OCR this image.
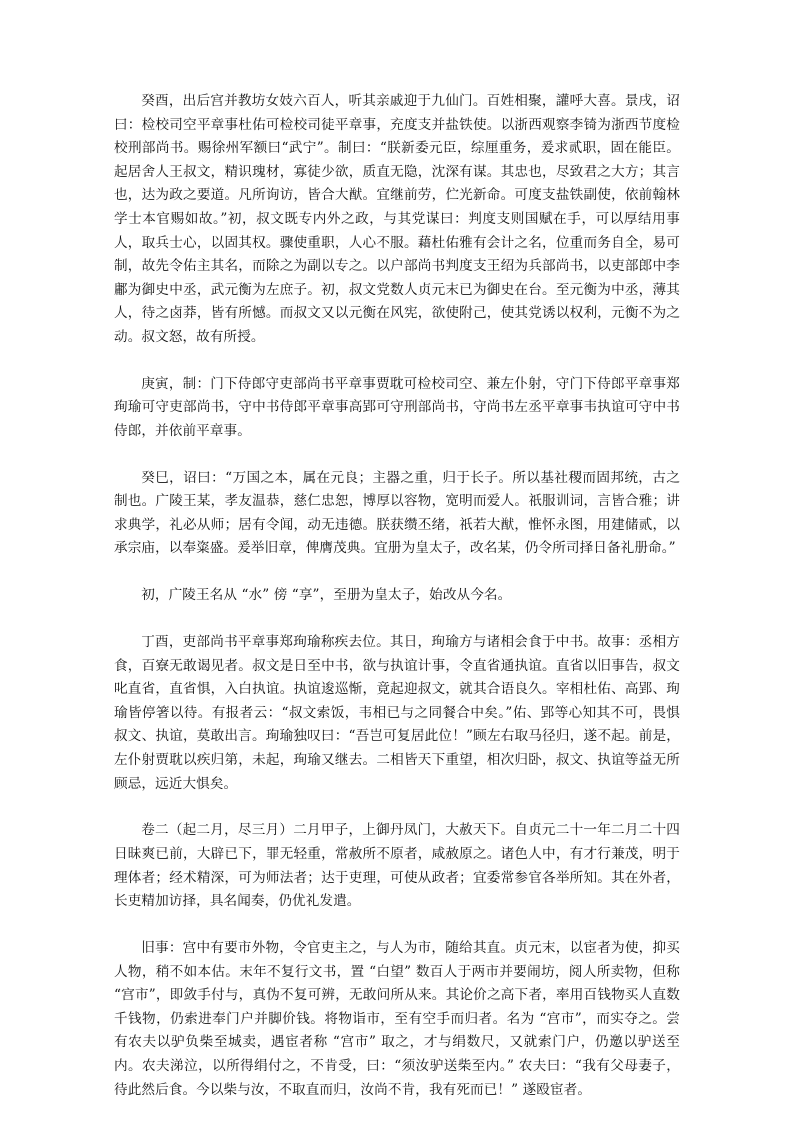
癸酉，出后宫并教坊女妓六百人，听其亲戚迎于九仙门。百姓相聚，讙呼大喜。景戌，诏曰：检校司空平章事杜佑可检校司徒平章事，充度支并盐铁使。以浙西观察李锜为浙西节度检校刑部尚书。赐徐州军额曰“武宁”。制曰：“朕新委元臣，综厘重务，爰求贰职，固在能臣。起居舍人王叔文，精识瑰材，寡徒少欲，质直无隐，沈深有谋。其忠也，尽致君之大方；其言也，达为政之要道。凡所询访，皆合大猷。宜继前劳，伫光新命。可度支盐铁副使，依前翰林学士本官赐如故。”初，叔文既专内外之政，与其党谋曰：判度支则国赋在手，可以厚结用事人，取兵士心，以固其权。骤使重职，人心不服。藉杜佑雅有会计之名，位重而务自全，易可制，故先令佑主其名，而除之为副以专之。以户部尚书判度支王绍为兵部尚书，以吏部郎中李鄘为御史中丞，武元衡为左庶子。初，叔文党数人贞元末已为御史在台。至元衡为中丞，薄其人，待之卤莽，皆有所憾。而叔文又以元衡在风宪，欲使附己，使其党诱以权利，元衡不为之动。叔文怒，故有所授。

庚寅，制：门下侍郎守吏部尚书平章事贾耽可检校司空、兼左仆射，守门下侍郎平章事郑珣瑜可守吏部尚书，守中书侍郎平章事高郢可守刑部尚书，守尚书左丞平章事韦执谊可守中书侍郎，并依前平章事。

癸巳，诏曰：“万国之本，属在元良；主器之重，归于长子。所以基社稷而固邦统，古之制也。广陵王某，孝友温恭，慈仁忠恕，博厚以容物，宽明而爱人。祇服训词，言皆合雅；讲求典学，礼必从师；居有令闻，动无违德。朕获缵丕绪，祇若大猷，惟怀永图，用建储贰，以承宗庙，以奉粢盛。爰举旧章，俾膺茂典。宜册为皇太子，改名某，仍令所司择日备礼册命。”

初，广陵王名从 “水” 傍 “享”，至册为皇太子，始改从今名。

丁酉，吏部尚书平章事郑珣瑜称疾去位。其日，珣瑜方与诸相会食于中书。故事：丞相方食，百寮无敢谒见者。叔文是日至中书，欲与执谊计事，令直省通执谊。直省以旧事告，叔文叱直省，直省惧，入白执谊。执谊逡巡惭，竟起迎叔文，就其合语良久。宰相杜佑、高郢、珣瑜皆停箸以待。有报者云：“叔文索饭，韦相已与之同餐合中矣。”佑、郢等心知其不可，畏惧叔文、执谊，莫敢出言。珣瑜独叹曰：“吾岂可复居此位！”顾左右取马径归，遂不起。前是，左仆射贾耽以疾归第，未起，珣瑜又继去。二相皆天下重望，相次归卧，叔文、执谊等益无所顾忌，远近大惧矣。

卷二（起二月，尽三月）二月甲子，上御丹凤门，大赦天下。自贞元二十一年二月二十四日昧爽已前，大辟已下，罪无轻重，常赦所不原者，咸赦原之。诸色人中，有才行兼茂，明于理体者；经术精深，可为师法者；达于吏理，可使从政者；宜委常参官各举所知。其在外者，长吏精加访择，具名闻奏，仍优礼发遣。

旧事：宫中有要市外物，令官吏主之，与人为市，随给其直。贞元末，以宦者为使，抑买人物，稍不如本估。末年不复行文书，置 “白望” 数百人于两市并要闹坊，阅人所卖物，但称 “宫市”，即敛手付与，真伪不复可辨，无敢问所从来。其论价之高下者，率用百钱物买人直数千钱物，仍索进奉门户并脚价钱。将物诣市，至有空手而归者。名为 “宫市”，而实夺之。尝有农夫以驴负柴至城卖，遇宦者称 “宫市” 取之，才与绢数尺，又就索门户，仍邀以驴送至内。农夫涕泣，以所得绢付之，不肯受，曰：“须汝驴送柴至内。” 农夫曰：“我有父母妻子，待此然后食。今以柴与汝，不取直而归，汝尚不肯，我有死而已！” 遂殴宦者。
